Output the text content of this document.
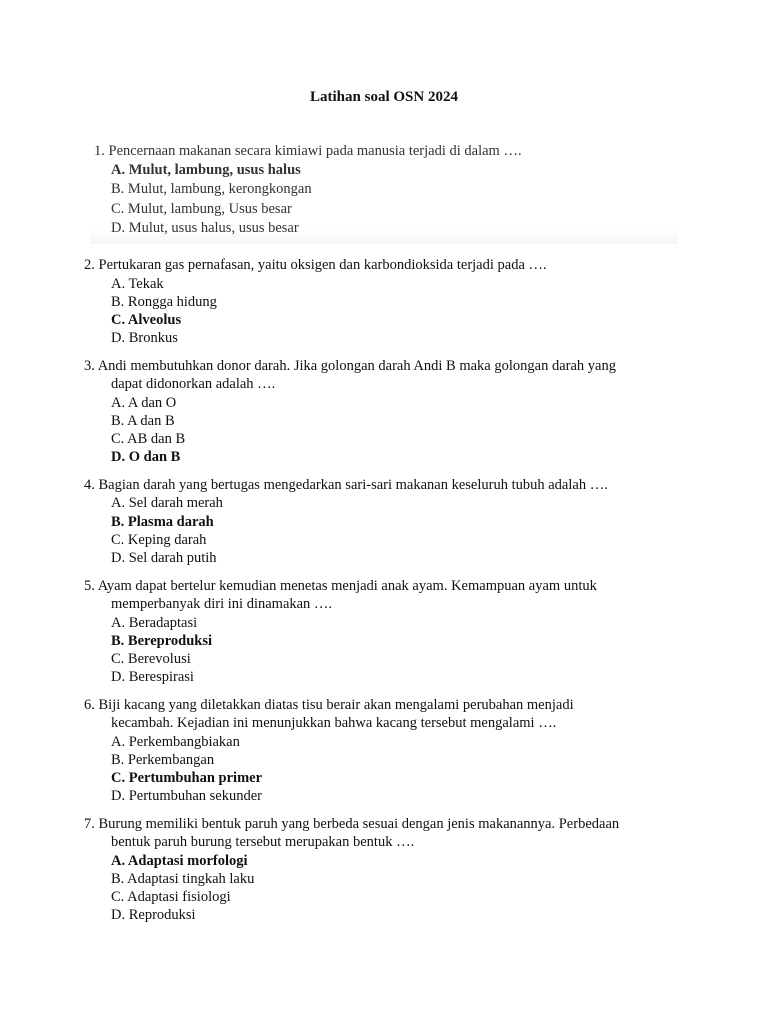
Latihan soal OSN 2024
1. Pencernaan makanan secara kimiawi pada manusia terjadi di dalam ….
A. Mulut, lambung, usus halus
B. Mulut, lambung, kerongkongan
C. Mulut, lambung, Usus besar
D. Mulut, usus halus, usus besar
2. Pertukaran gas pernafasan, yaitu oksigen dan karbondioksida terjadi pada ….
A. Tekak
B. Rongga hidung
C. Alveolus
D. Bronkus
3. Andi membutuhkan donor darah. Jika golongan darah Andi B maka golongan darah yang
dapat didonorkan adalah ….
A. A dan O
B. A dan B
C. AB dan B
D. O dan B
4. Bagian darah yang bertugas mengedarkan sari-sari makanan keseluruh tubuh adalah ….
A. Sel darah merah
B. Plasma darah
C. Keping darah
D. Sel darah putih
5. Ayam dapat bertelur kemudian menetas menjadi anak ayam. Kemampuan ayam untuk
memperbanyak diri ini dinamakan ….
A. Beradaptasi
B. Bereproduksi
C. Berevolusi
D. Berespirasi
6. Biji kacang yang diletakkan diatas tisu berair akan mengalami perubahan menjadi
kecambah. Kejadian ini menunjukkan bahwa kacang tersebut mengalami ….
A. Perkembangbiakan
B. Perkembangan
C. Pertumbuhan primer
D. Pertumbuhan sekunder
7. Burung memiliki bentuk paruh yang berbeda sesuai dengan jenis makanannya. Perbedaan
bentuk paruh burung tersebut merupakan bentuk ….
A. Adaptasi morfologi
B. Adaptasi tingkah laku
C. Adaptasi fisiologi
D. Reproduksi
